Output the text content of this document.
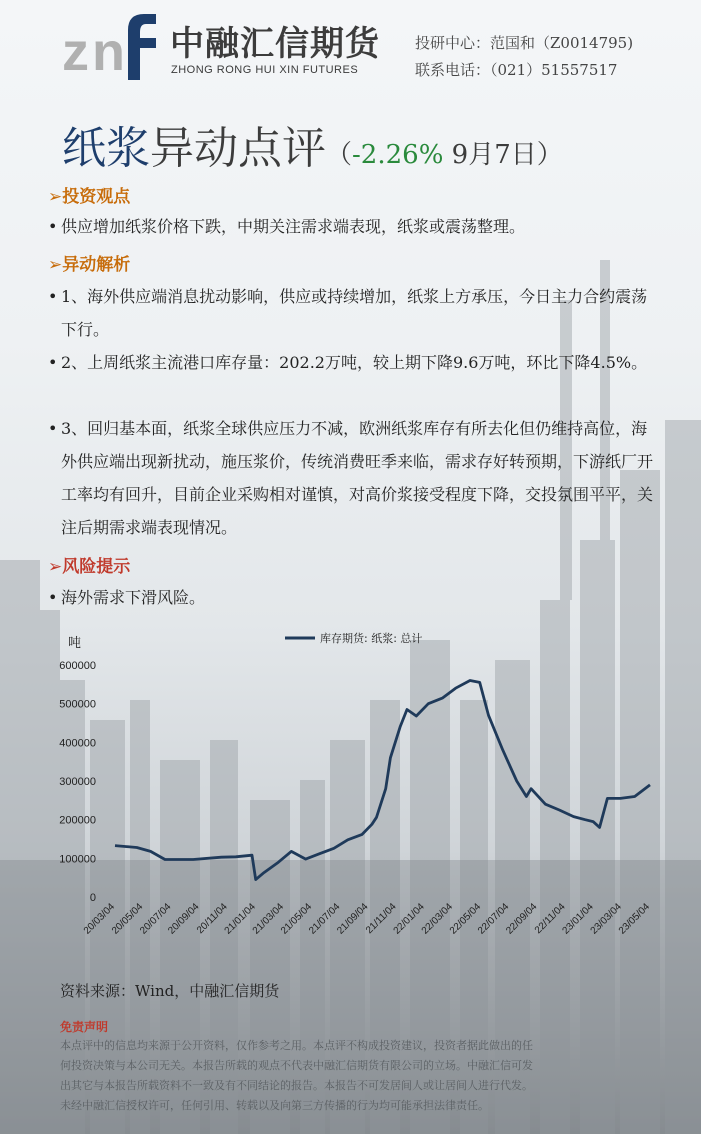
z n 中融汇信期货
ZHONG RONG HUI XIN FUTURES
投研中心：范国和（Z0014795)
联系电话：（021）51557517
纸浆异动点评（-2.26% 9月7日）
➢投资观点
• 供应增加纸浆价格下跌，中期关注需求端表现，纸浆或震荡整理。
➢异动解析
• 1、海外供应端消息扰动影响，供应或持续增加，纸浆上方承压，今日主力合约震荡下行。
• 2、上周纸浆主流港口库存量：202.2万吨，较上期下降9.6万吨，环比下降4.5%。
• 3、回归基本面，纸浆全球供应压力不减，欧洲纸浆库存有所去化但仍维持高位，海外供应端出现新扰动，施压浆价，传统消费旺季来临，需求存好转预期，下游纸厂开工率均有回升，目前企业采购相对谨慎，对高价浆接受程度下降，交投氛围平平，关注后期需求端表现情况。
➢风险提示
• 海外需求下滑风险。
吨
600000
500000
400000
300000
200000
100000
0
20/03/04
20/05/04
20/07/04
20/09/04
20/11/04
21/01/04
21/03/04
21/05/04
21/07/04
21/09/04
21/11/04
22/01/04
22/03/04
22/05/04
22/07/04
22/09/04
22/11/04
23/01/04
23/03/04
23/05/04
库存期货: 纸浆: 总计
资料来源：Wind，中融汇信期货
免责声明
本点评中的信息均来源于公开资料，仅作参考之用。本点评不构成投资建议，投资者据此做出的任
何投资决策与本公司无关。本报告所载的观点不代表中融汇信期货有限公司的立场。中融汇信可发
出其它与本报告所载资料不一致及有不同结论的报告。本报告不可发居间人或让居间人进行代发。
未经中融汇信授权许可，任何引用、转载以及向第三方传播的行为均可能承担法律责任。
